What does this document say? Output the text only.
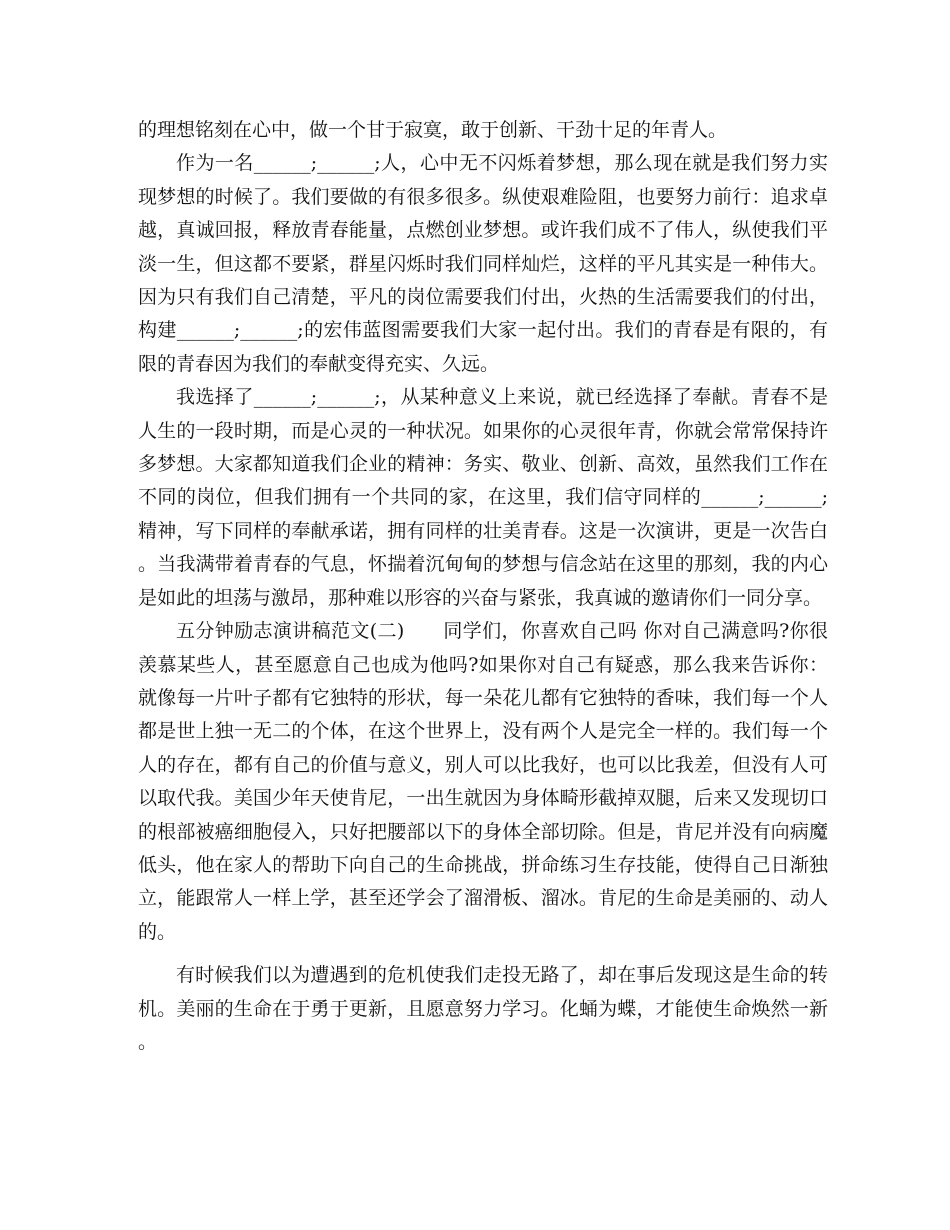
的理想铭刻在心中，做一个甘于寂寞，敢于创新、干劲十足的年青人。

作为一名______;______;人，心中无不闪烁着梦想，那么现在就是我们努力实现梦想的时候了。我们要做的有很多很多。纵使艰难险阻，也要努力前行：追求卓越，真诚回报，释放青春能量，点燃创业梦想。或许我们成不了伟人，纵使我们平淡一生，但这都不要紧，群星闪烁时我们同样灿烂，这样的平凡其实是一种伟大。因为只有我们自己清楚，平凡的岗位需要我们付出，火热的生活需要我们的付出，构建______;______;的宏伟蓝图需要我们大家一起付出。我们的青春是有限的，有限的青春因为我们的奉献变得充实、久远。

我选择了______;______;，从某种意义上来说，就已经选择了奉献。青春不是人生的一段时期，而是心灵的一种状况。如果你的心灵很年青，你就会常常保持许多梦想。大家都知道我们企业的精神：务实、敬业、创新、高效，虽然我们工作在不同的岗位，但我们拥有一个共同的家，在这里，我们信守同样的______;______;精神，写下同样的奉献承诺，拥有同样的壮美青春。这是一次演讲，更是一次告白。当我满带着青春的气息，怀揣着沉甸甸的梦想与信念站在这里的那刻，我的内心是如此的坦荡与激昂，那种难以形容的兴奋与紧张，我真诚的邀请你们一同分享。

五分钟励志演讲稿范文(二)　　同学们，你喜欢自己吗 你对自己满意吗?你很羡慕某些人，甚至愿意自己也成为他吗?如果你对自己有疑惑，那么我来告诉你：就像每一片叶子都有它独特的形状，每一朵花儿都有它独特的香味，我们每一个人都是世上独一无二的个体，在这个世界上，没有两个人是完全一样的。我们每一个人的存在，都有自己的价值与意义，别人可以比我好，也可以比我差，但没有人可以取代我。美国少年天使肯尼，一出生就因为身体畸形截掉双腿，后来又发现切口的根部被癌细胞侵入，只好把腰部以下的身体全部切除。但是，肯尼并没有向病魔低头，他在家人的帮助下向自己的生命挑战，拼命练习生存技能，使得自己日渐独立，能跟常人一样上学，甚至还学会了溜滑板、溜冰。肯尼的生命是美丽的、动人的。

有时候我们以为遭遇到的危机使我们走投无路了，却在事后发现这是生命的转机。美丽的生命在于勇于更新，且愿意努力学习。化蛹为蝶，才能使生命焕然一新。
